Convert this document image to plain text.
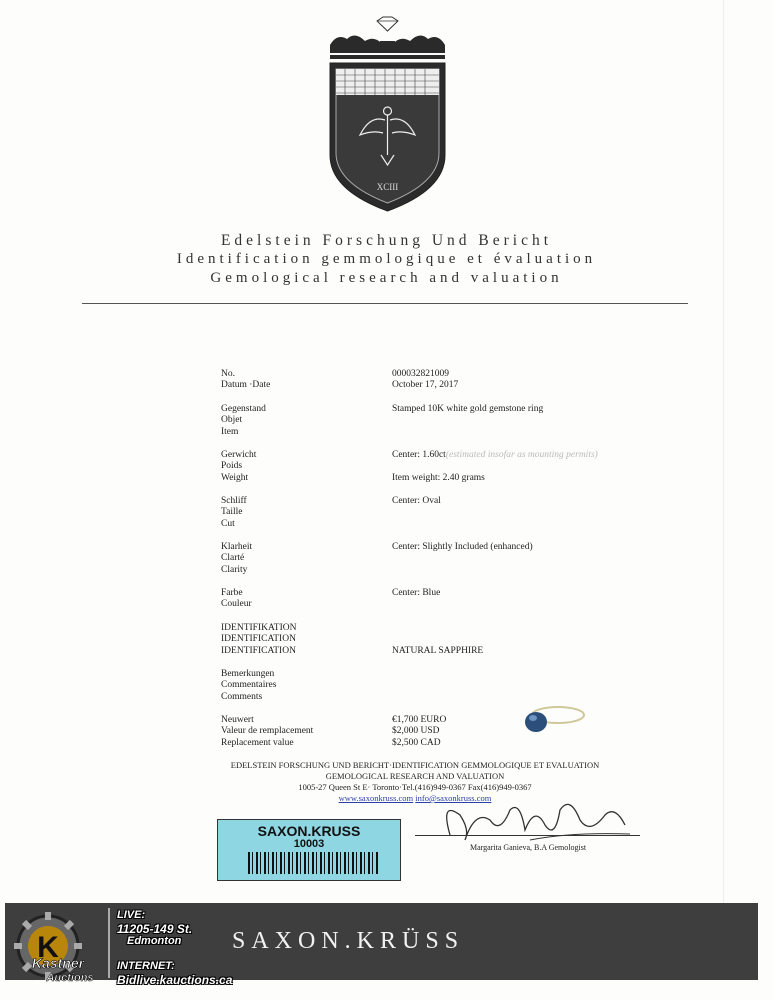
XCIII
Edelstein Forschung Und Bericht
Identification gemmologique et évaluation
Gemological research and valuation
No.
Datum ·Date
000032821009
October 17, 2017
Gegenstand
Objet
Item
Stamped 10K white gold gemstone ring
Gerwicht
Poids
Weight
Center: 1.60ct(estimated insofar as mounting permits)
Item weight: 2.40 grams
Schliff
Taille
Cut
Center: Oval
Klarheit
Clarté
Clarity
Center: Slightly Included (enhanced)
Farbe
Couleur
Center: Blue
IDENTIFIKATION
IDENTIFICATION
IDENTIFICATION	NATURAL SAPPHIRE
Bemerkungen
Commentaires
Comments
Neuwert
Valeur de remplacement
Replacement value
€1,700 EURO
$2,000 USD
$2,500 CAD
EDELSTEIN FORSCHUNG UND BERICHT·IDENTIFICATION GEMMOLOGIQUE ET EVALUATION
GEMOLOGICAL RESEARCH AND VALUATION
1005-27 Queen St E· Toronto·Tel.(416)949-0367 Fax(416)949-0367
www.saxonkruss.com info@saxonkruss.com
Margarita Ganieva, B.A Gemologist
SAXON.KRUSS
10003
SAXON.KRÜSS
K
Kastner
Auctions
LIVE:
11205-149 St.
Edmonton
INTERNET:
Bidlive.kauctions.ca
